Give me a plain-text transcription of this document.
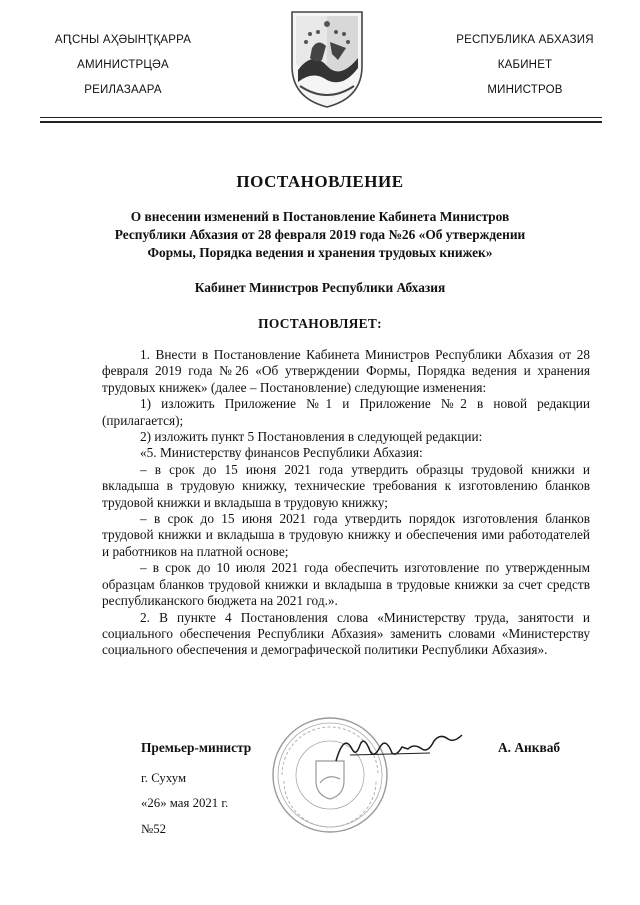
АԤСНЫ АҲӘЫНҬҚАРРА
АМИНИСТРЦӘА
РЕИЛАЗААРА
РЕСПУБЛИКА АБХАЗИЯ
КАБИНЕТ
МИНИСТРОВ
ПОСТАНОВЛЕНИЕ
О внесении изменений в Постановление Кабинета Министров
Республики Абхазия от 28 февраля 2019 года №26 «Об утверждении
Формы, Порядка ведения и хранения трудовых книжек»
Кабинет Министров Республики Абхазия
ПОСТАНОВЛЯЕТ:

1. Внести в Постановление Кабинета Министров Республики Абхазия от 28 февраля 2019 года №26 «Об утверждении Формы, Порядка ведения и хранения трудовых книжек» (далее – Постановление) следующие изменения:

1) изложить Приложение №1 и Приложение №2 в новой редакции (прилагается);

2) изложить пункт 5 Постановления в следующей редакции:

«5. Министерству финансов Республики Абхазия:

– в срок до 15 июня 2021 года утвердить образцы трудовой книжки и вкладыша в трудовую книжку, технические требования к изготовлению бланков трудовой книжки и вкладыша в трудовую книжку;

– в срок до 15 июня 2021 года утвердить порядок изготовления бланков трудовой книжки и вкладыша в трудовую книжку и обеспечения ими работодателей и работников на платной основе;

– в срок до 10 июля 2021 года обеспечить изготовление по утвержденным образцам бланков трудовой книжки и вкладыша в трудовые книжки за счет средств республиканского бюджета на 2021 год.».

2. В пункте 4 Постановления слова «Министерству труда, занятости и социального обеспечения Республики Абхазия» заменить словами «Министерству социального обеспечения и демографической политики Республики Абхазия».

Премьер-министр	А. Анкваб
г. Сухум
«26» мая 2021 г.
№52
